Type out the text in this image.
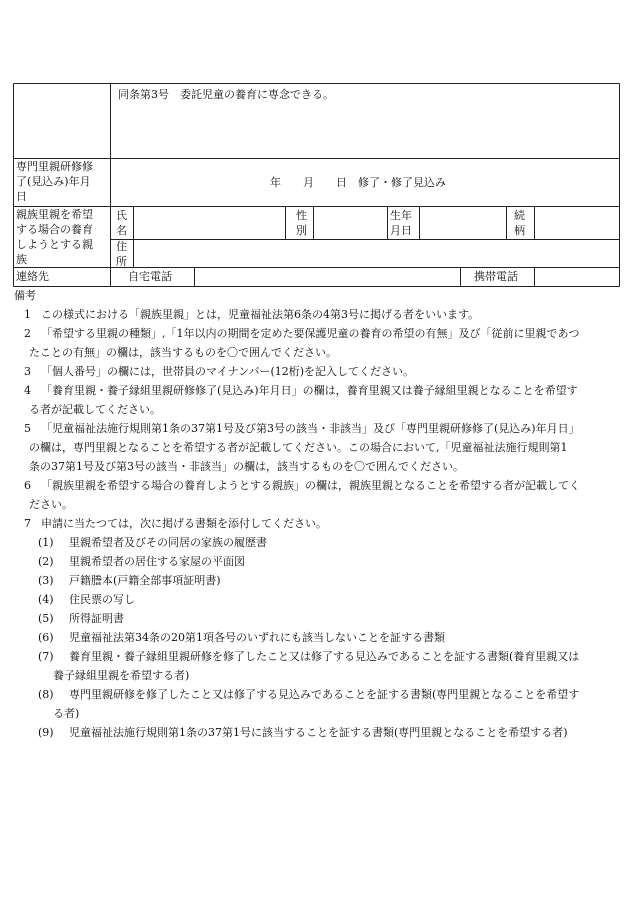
同条第3号　委託児童の養育に専念できる。
専門里親研修修
了(見込み)年月
日
年　　月　　日　修了・修了見込み
親族里親を希望
する場合の養育
しようとする親
族
氏
名
性
別
生年
月日
続
柄
住
所
連絡先	自宅電話	携帯電話
備考
1 この様式における「親族里親」とは，児童福祉法第6条の4第3号に掲げる者をいいます。
2 「希望する里親の種類」,「1年以内の期間を定めた要保護児童の養育の希望の有無」及び「従前に里親であつ
たことの有無」の欄は，該当するものを〇で囲んでください。
3 「個人番号」の欄には，世帯員のマイナンバー(12桁)を記入してください。
4 「養育里親・養子縁組里親研修修了(見込み)年月日」の欄は，養育里親又は養子縁組里親となることを希望す
る者が記載してください。
5 「児童福祉法施行規則第1条の37第1号及び第3号の該当・非該当」及び「専門里親研修修了(見込み)年月日」
の欄は，専門里親となることを希望する者が記載してください。この場合において,「児童福祉法施行規則第1
条の37第1号及び第3号の該当・非該当」の欄は，該当するものを〇で囲んでください。
6 「親族里親を希望する場合の養育しようとする親族」の欄は，親族里親となることを希望する者が記載してく
ださい。
7 申請に当たつては，次に掲げる書類を添付してください。
(1) 里親希望者及びその同居の家族の履歴書
(2) 里親希望者の居住する家屋の平面図
(3) 戸籍謄本(戸籍全部事項証明書)
(4) 住民票の写し
(5) 所得証明書
(6) 児童福祉法第34条の20第1項各号のいずれにも該当しないことを証する書類
(7) 養育里親・養子縁組里親研修を修了したこと又は修了する見込みであることを証する書類(養育里親又は
養子縁組里親を希望する者)
(8) 専門里親研修を修了したこと又は修了する見込みであることを証する書類(専門里親となることを希望す
る者)
(9) 児童福祉法施行規則第1条の37第1号に該当することを証する書類(専門里親となることを希望する者)
